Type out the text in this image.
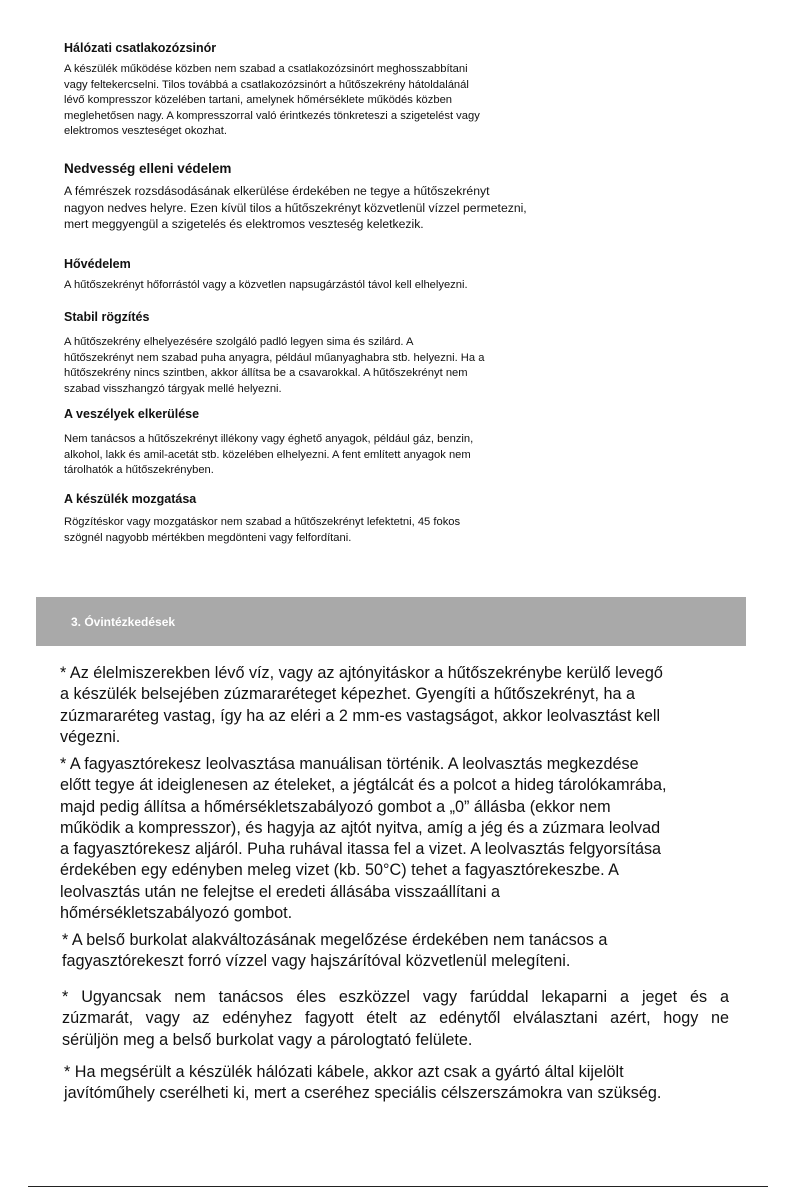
Hálózati csatlakozózsinór

A készülék működése közben nem szabad a csatlakozózsinórt meghosszabbítani
vagy feltekercselni. Tilos továbbá a csatlakozózsinórt a hűtőszekrény hátoldalánál
lévő kompresszor közelében tartani, amelynek hőmérséklete működés közben
meglehetősen nagy. A kompresszorral való érintkezés tönkreteszi a szigetelést vagy
elektromos veszteséget okozhat.

Nedvesség elleni védelem

A fémrészek rozsdásodásának elkerülése érdekében ne tegye a hűtőszekrényt
nagyon nedves helyre. Ezen kívül tilos a hűtőszekrényt közvetlenül vízzel permetezni,
mert meggyengül a szigetelés és elektromos veszteség keletkezik.

Hővédelem

A hűtőszekrényt hőforrástól vagy a közvetlen napsugárzástól távol kell elhelyezni.

Stabil rögzítés

A hűtőszekrény elhelyezésére szolgáló padló legyen sima és szilárd. A
hűtőszekrényt nem szabad puha anyagra, például műanyaghabra stb. helyezni. Ha a
hűtőszekrény nincs szintben, akkor állítsa be a csavarokkal. A hűtőszekrényt nem
szabad visszhangzó tárgyak mellé helyezni.

A veszélyek elkerülése

Nem tanácsos a hűtőszekrényt illékony vagy éghető anyagok, például gáz, benzin,
alkohol, lakk és amil-acetát stb. közelében elhelyezni. A fent említett anyagok nem
tárolhatók a hűtőszekrényben.

A készülék mozgatása

Rögzítéskor vagy mozgatáskor nem szabad a hűtőszekrényt lefektetni, 45 fokos
szögnél nagyobb mértékben megdönteni vagy felfordítani.

3. Óvintézkedések

* Az élelmiszerekben lévő víz, vagy az ajtónyitáskor a hűtőszekrénybe kerülő levegő
a készülék belsejében zúzmararéteget képezhet. Gyengíti a hűtőszekrényt, ha a
zúzmararéteg vastag, így ha az eléri a 2 mm-es vastagságot, akkor leolvasztást kell
végezni.

* A fagyasztórekesz leolvasztása manuálisan történik. A leolvasztás megkezdése
előtt tegye át ideiglenesen az ételeket, a jégtálcát és a polcot a hideg tárolókamrába,
majd pedig állítsa a hőmérsékletszabályozó gombot a „0” állásba (ekkor nem
működik a kompresszor), és hagyja az ajtót nyitva, amíg a jég és a zúzmara leolvad
a fagyasztórekesz aljáról. Puha ruhával itassa fel a vizet. A leolvasztás felgyorsítása
érdekében egy edényben meleg vizet (kb. 50°C) tehet a fagyasztórekeszbe. A
leolvasztás után ne felejtse el eredeti állásába visszaállítani a
hőmérsékletszabályozó gombot.

* A belső burkolat alakváltozásának megelőzése érdekében nem tanácsos a
fagyasztórekeszt forró vízzel vagy hajszárítóval közvetlenül melegíteni.

* Ugyancsak nem tanácsos éles eszközzel vagy farúddal lekaparni a jeget és a
zúzmarát, vagy az edényhez fagyott ételt az edénytől elválasztani azért, hogy ne
sérüljön meg a belső burkolat vagy a párologtató felülete.

* Ha megsérült a készülék hálózati kábele, akkor azt csak a gyártó által kijelölt
javítóműhely cserélheti ki, mert a cseréhez speciális célszerszámokra van szükség.
